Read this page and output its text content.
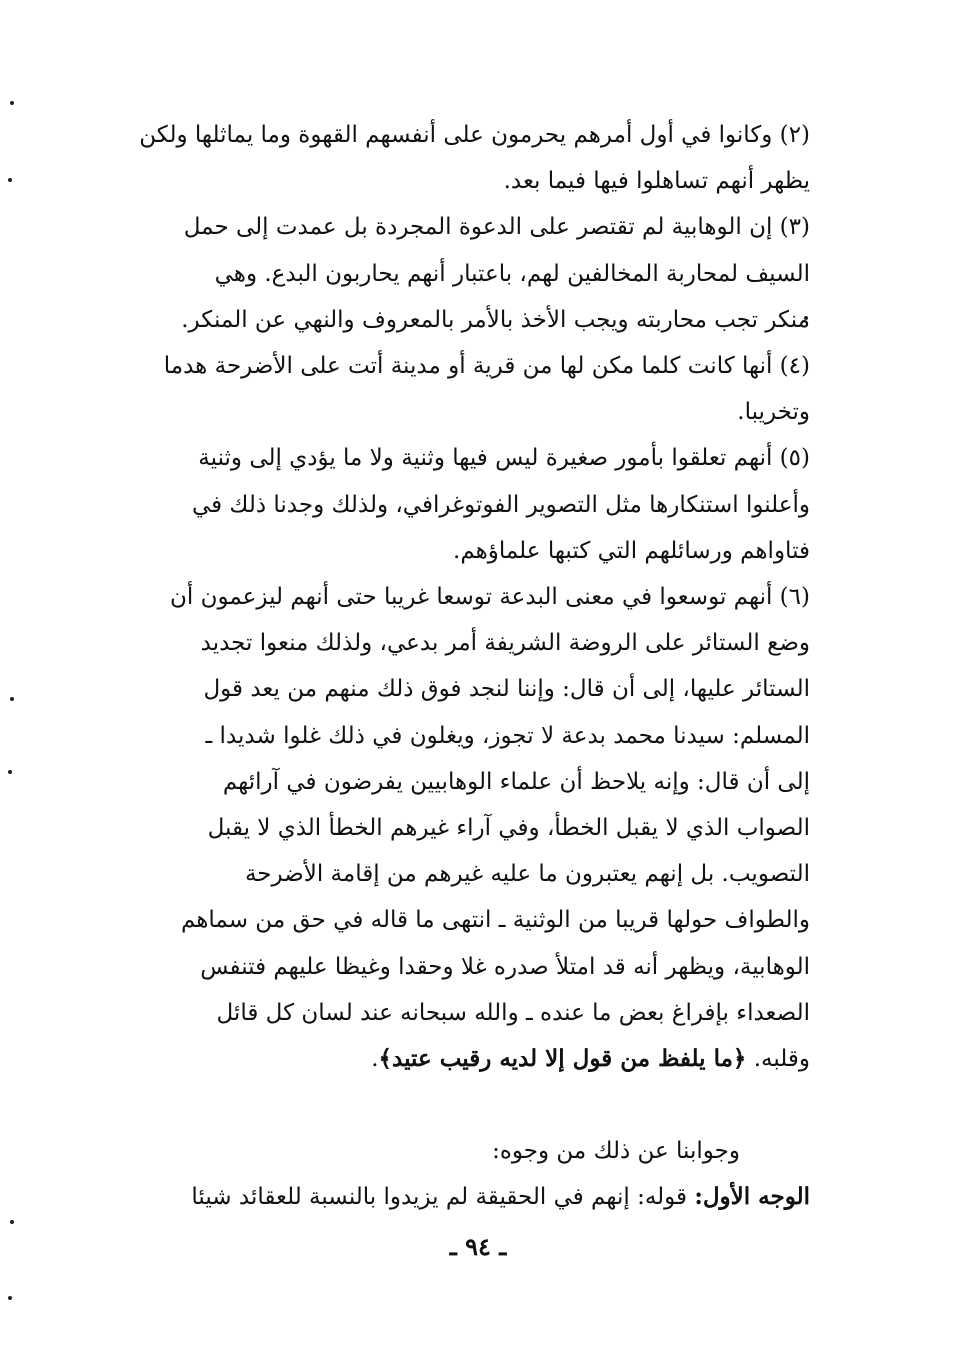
(٢) وكانوا في أول أمرهم يحرمون على أنفسهم القهوة وما يماثلها ولكن
يظهر أنهم تساهلوا فيها فيما بعد.
(٣) إن الوهابية لم تقتصر على الدعوة المجردة بل عمدت إلى حمل
السيف لمحاربة المخالفين لهم، باعتبار أنهم يحاربون البدع. وهي
منكر تجب محاربته ويجب الأخذ بالأمر بالمعروف والنهي عن المنكر.
(٤) أنها كانت كلما مكن لها من قرية أو مدينة أتت على الأضرحة هدما
وتخريبا.
(٥) أنهم تعلقوا بأمور صغيرة ليس فيها وثنية ولا ما يؤدي إلى وثنية
وأعلنوا استنكارها مثل التصوير الفوتوغرافي، ولذلك وجدنا ذلك في
فتاواهم ورسائلهم التي كتبها علماؤهم.
(٦) أنهم توسعوا في معنى البدعة توسعا غريبا حتى أنهم ليزعمون أن
وضع الستائر على الروضة الشريفة أمر بدعي، ولذلك منعوا تجديد
الستائر عليها، إلى أن قال: وإننا لنجد فوق ذلك منهم من يعد قول
المسلم: سيدنا محمد بدعة لا تجوز، ويغلون في ذلك غلوا شديدا ـ
إلى أن قال: وإنه يلاحظ أن علماء الوهابيين يفرضون في آرائهم
الصواب الذي لا يقبل الخطأ، وفي آراء غيرهم الخطأ الذي لا يقبل
التصويب. بل إنهم يعتبرون ما عليه غيرهم من إقامة الأضرحة
والطواف حولها قريبا من الوثنية ـ انتهى ما قاله في حق من سماهم
الوهابية، ويظهر أنه قد امتلأ صدره غلا وحقدا وغيظا عليهم فتنفس
الصعداء بإفراغ بعض ما عنده ـ والله سبحانه عند لسان كل قائل
وقلبه. ﴿ما يلفظ من قول إلا لديه رقيب عتيد﴾.
وجوابنا عن ذلك من وجوه:
الوجه الأول: قوله: إنهم في الحقيقة لم يزيدوا بالنسبة للعقائد شيئا
ـ ٩٤ ـ
